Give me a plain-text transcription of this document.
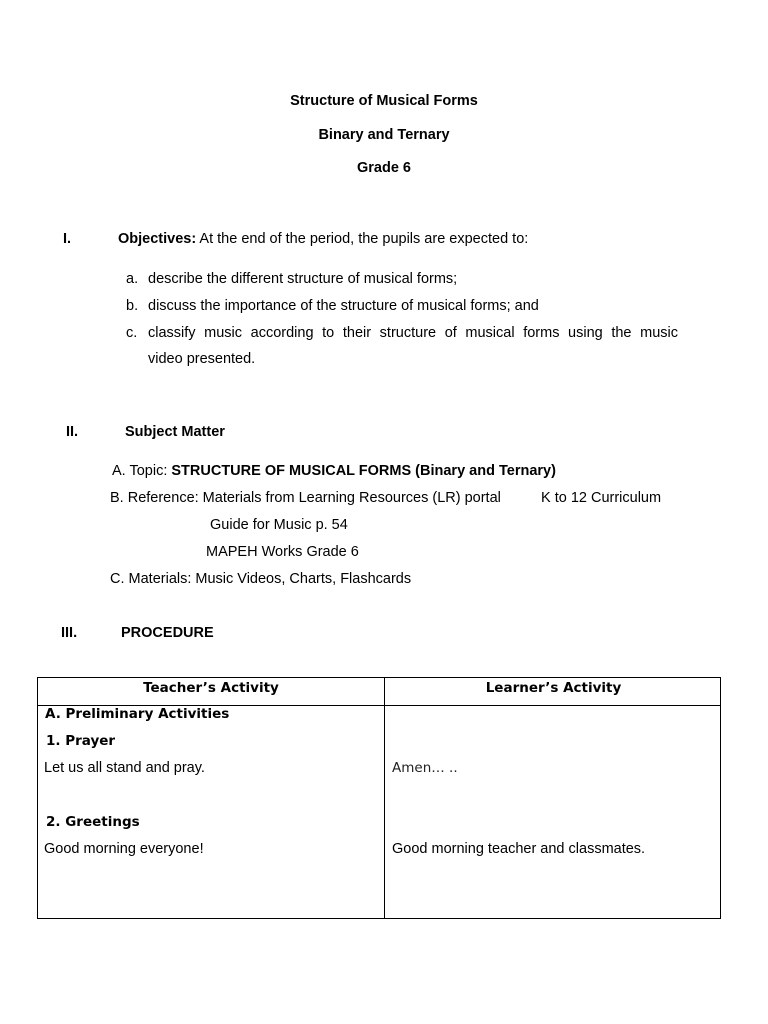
Structure of Musical Forms
Binary and Ternary
Grade 6
I.	Objectives: At the end of the period, the pupils are expected to:
a. describe the different structure of musical forms;
b. discuss the importance of the structure of musical forms; and
c. classify music according to their structure of musical forms using the music
video presented.
II.	Subject Matter
A. Topic: STRUCTURE OF MUSICAL FORMS (Binary and Ternary)
B. Reference: Materials from Learning Resources (LR) portal	K to 12 Curriculum
Guide for Music p. 54
MAPEH Works Grade 6
C. Materials: Music Videos, Charts, Flashcards
III.	PROCEDURE
Teacher’s Activity	Learner’s Activity
A. Preliminary Activities
1. Prayer
Let us all stand and pray.	Amen… ..
2. Greetings
Good morning everyone!	Good morning teacher and classmates.
